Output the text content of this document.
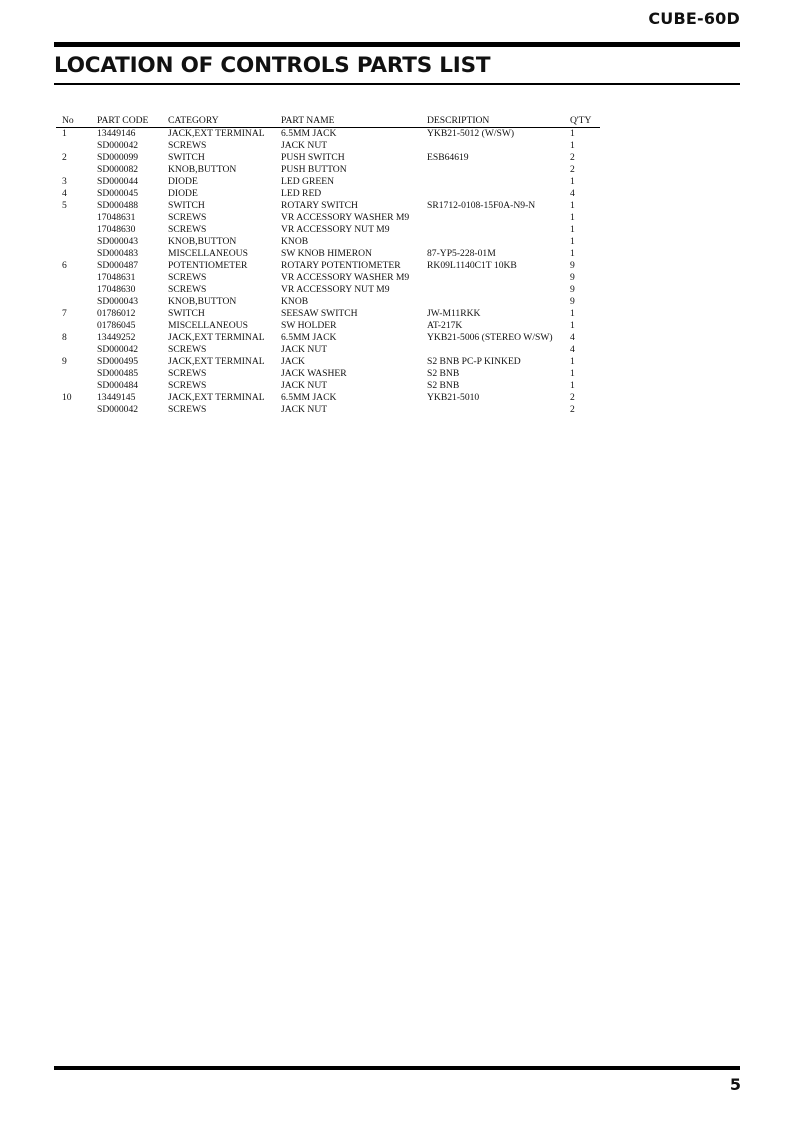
CUBE-60D
LOCATION OF CONTROLS PARTS LIST
No	PART CODE	CATEGORY	PART NAME	DESCRIPTION	Q'TY
1	13449146	JACK,EXT TERMINAL	6.5MM JACK	YKB21-5012 (W/SW)	1
	SD000042	SCREWS	JACK NUT		1
2	SD000099	SWITCH	PUSH SWITCH	ESB64619	2
	SD000082	KNOB,BUTTON	PUSH BUTTON		2
3	SD000044	DIODE	LED GREEN		1
4	SD000045	DIODE	LED RED		4
5	SD000488	SWITCH	ROTARY SWITCH	SR1712-0108-15F0A-N9-N	1
	17048631	SCREWS	VR ACCESSORY WASHER M9		1
	17048630	SCREWS	VR ACCESSORY NUT M9		1
	SD000043	KNOB,BUTTON	KNOB		1
	SD000483	MISCELLANEOUS	SW KNOB HIMERON	87-YP5-228-01M	1
6	SD000487	POTENTIOMETER	ROTARY POTENTIOMETER	RK09L1140C1T 10KB	9
	17048631	SCREWS	VR ACCESSORY WASHER M9		9
	17048630	SCREWS	VR ACCESSORY NUT M9		9
	SD000043	KNOB,BUTTON	KNOB		9
7	01786012	SWITCH	SEESAW SWITCH	JW-M11RKK	1
	01786045	MISCELLANEOUS	SW HOLDER	AT-217K	1
8	13449252	JACK,EXT TERMINAL	6.5MM JACK	YKB21-5006 (STEREO W/SW)	4
	SD000042	SCREWS	JACK NUT		4
9	SD000495	JACK,EXT TERMINAL	JACK	S2 BNB PC-P KINKED	1
	SD000485	SCREWS	JACK WASHER	S2 BNB	1
	SD000484	SCREWS	JACK NUT	S2 BNB	1
10	13449145	JACK,EXT TERMINAL	6.5MM JACK	YKB21-5010	2
	SD000042	SCREWS	JACK NUT		2
5
